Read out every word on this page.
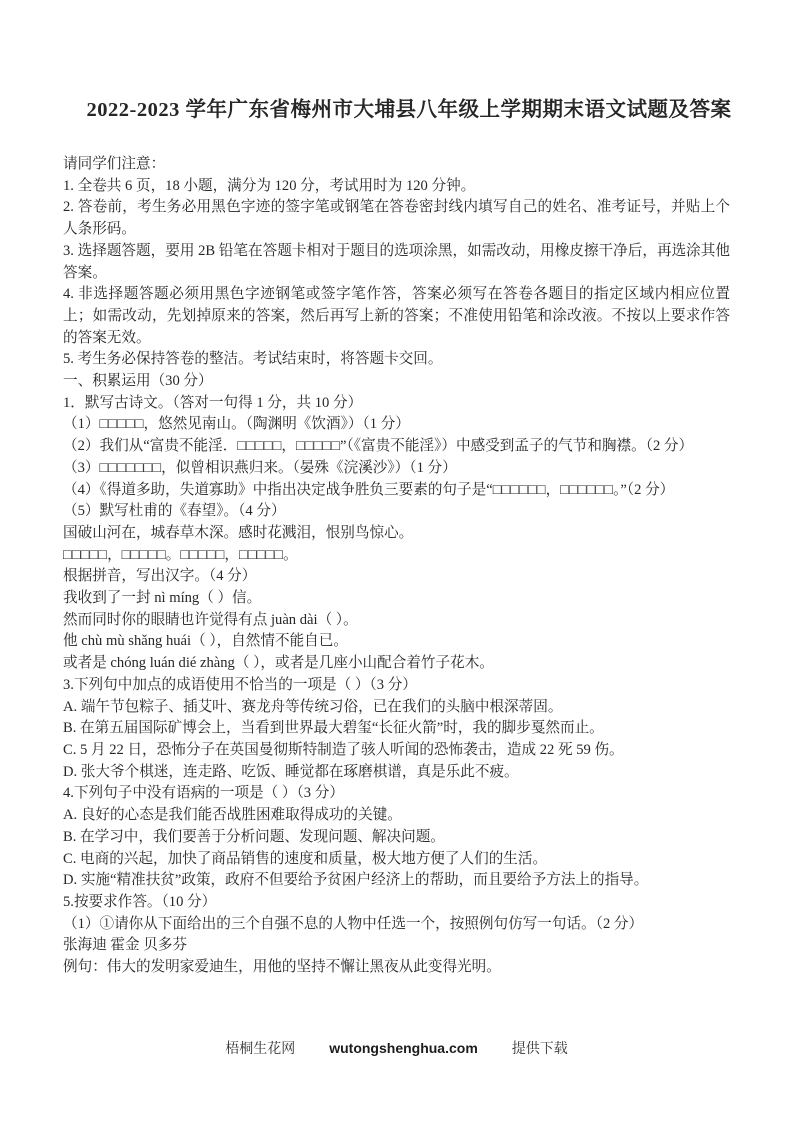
2022-2023 学年广东省梅州市大埔县八年级上学期期末语文试题及答案

请同学们注意：

1. 全卷共 6 页，18 小题，满分为 120 分，考试用时为 120 分钟。

2. 答卷前，考生务必用黑色字迹的签字笔或钢笔在答卷密封线内填写自己的姓名、准考证号，并贴上个人条形码。

3. 选择题答题，要用 2B 铅笔在答题卡相对于题目的选项涂黑，如需改动，用橡皮擦干净后，再选涂其他答案。

4. 非选择题答题必须用黑色字迹钢笔或签字笔作答，答案必须写在答卷各题目的指定区域内相应位置上；如需改动，先划掉原来的答案，然后再写上新的答案；不准使用铅笔和涂改液。不按以上要求作答的答案无效。

5. 考生务必保持答卷的整洁。考试结束时，将答题卡交回。

一、积累运用（30 分）

1．默写古诗文。（答对一句得 1 分，共 10 分）

（1）□□□□□，悠然见南山。（陶渊明《饮酒》）（1 分）

（2）我们从“富贵不能淫．□□□□□，□□□□□”（《富贵不能淫》）中感受到孟子的气节和胸襟。（2 分）

（3）□□□□□□□，似曾相识燕归来。（晏殊《浣溪沙》）（1 分）

（4）《得道多助，失道寡助》中指出决定战争胜负三要素的句子是“□□□□□□，□□□□□□。”（2 分）

（5）默写杜甫的《春望》。（4 分）

国破山河在，城春草木深。感时花溅泪，恨别鸟惊心。

□□□□□，□□□□□。□□□□□，□□□□□。

根据拼音，写出汉字。（4 分）

我收到了一封 nì míng（ ）信。

然而同时你的眼睛也许觉得有点 juàn dài（ ）。

他 chù mù shǎng huái（ ），自然情不能自已。

或者是 chóng luán dié zhàng（ ），或者是几座小山配合着竹子花木。

3.下列句中加点的成语使用不恰当的一项是（ ）（3 分）

A. 端午节包粽子、插艾叶、赛龙舟等传统习俗，已在我们的头脑中根深蒂固。

B. 在第五届国际矿博会上，当看到世界最大碧玺“长征火箭”时，我的脚步戛然而止。

C. 5 月 22 日，恐怖分子在英国曼彻斯特制造了骇人听闻的恐怖袭击，造成 22 死 59 伤。

D. 张大爷个棋迷，连走路、吃饭、睡觉都在琢磨棋谱，真是乐此不疲。

4.下列句子中没有语病的一项是（ ）（3 分）

A. 良好的心态是我们能否战胜困难取得成功的关键。

B. 在学习中，我们要善于分析问题、发现问题、解决问题。

C. 电商的兴起，加快了商品销售的速度和质量，极大地方便了人们的生活。

D. 实施“精准扶贫”政策，政府不但要给予贫困户经济上的帮助，而且要给予方法上的指导。

5.按要求作答。（10 分）

（1）①请你从下面给出的三个自强不息的人物中任选一个，按照例句仿写一句话。（2 分）

张海迪 霍金 贝多芬

例句：伟大的发明家爱迪生，用他的坚持不懈让黑夜从此变得光明。

梧桐生花网 wutongshenghua.com 提供下载
